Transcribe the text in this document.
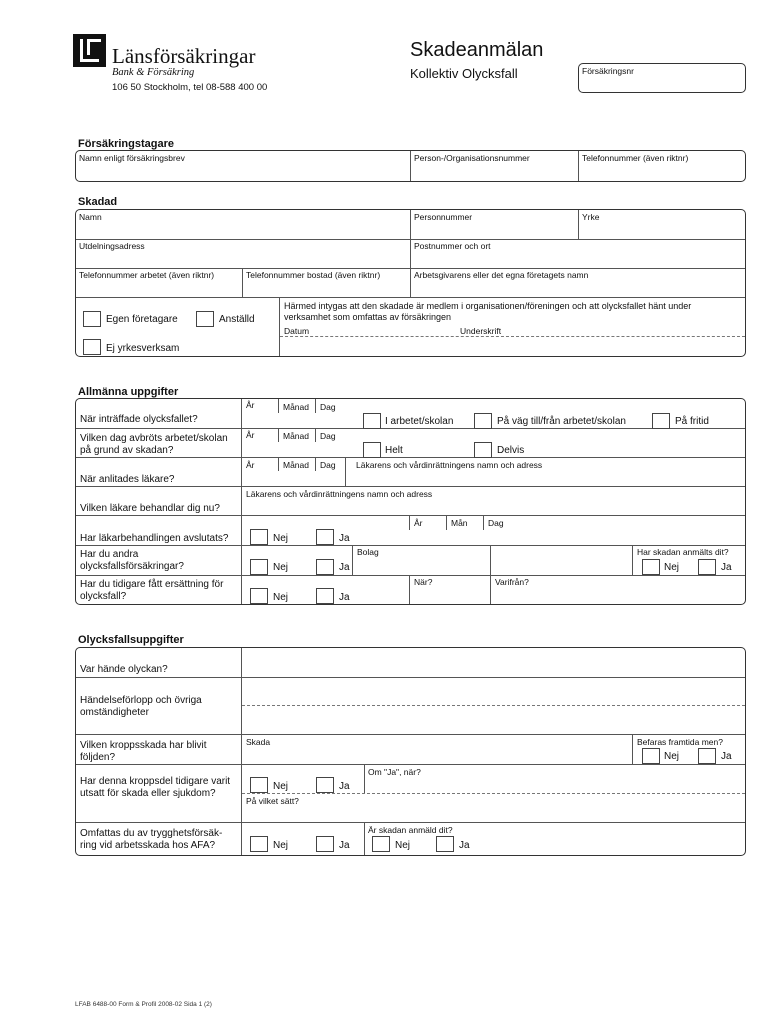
Länsförsäkringar
Bank & Försäkring
106 50 Stockholm, tel 08-588 400 00
Skadeanmälan
Kollektiv Olycksfall	Försäkringsnr
Försäkringstagare
Namn enligt försäkringsbrev	Person-/Organisationsnummer	Telefonnummer (även riktnr)
Skadad
Namn	Personnummer	Yrke
Utdelningsadress	Postnummer och ort
Telefonnummer arbetet (även riktnr)	Telefonnummer bostad (även riktnr)	Arbetsgivarens eller det egna företagets namn
Egen företagare	Anställd
Ej yrkesverksam
Härmed intygas att den skadade är medlem i organisationen/föreningen och att olycksfallet hänt under verksamhet som omfattas av försäkringen
Datum	Underskrift
Allmänna uppgifter
År	Månad Dag
När inträffade olycksfallet?	I arbetet/skolan	På väg till/från arbetet/skolan	På fritid
År	Månad Dag
Vilken dag avbröts arbetet/skolan på grund av skadan?	Helt	Delvis
År	Månad Dag Läkarens och vårdinrättningens namn och adress
När anlitades läkare?
Läkarens och vårdinrättningens namn och adress
Vilken läkare behandlar dig nu?
År	Mån Dag
Har läkarbehandlingen avslutats?	Nej	Ja
Har du andra olycksfallsförsäkringar?	Nej	Ja
Bolag	Har skadan anmälts dit?
Nej	Ja
Har du tidigare fått ersättning för olycksfall?	Nej	Ja
När?	Varifrån?
Olycksfallsuppgifter
Var hände olyckan?
Händelseförlopp och övriga omständigheter
Skada
Vilken kroppsskada har blivit följden?
Befaras framtida men?
Nej	Ja
Har denna kroppsdel tidigare varit utsatt för skada eller sjukdom?
Nej	Ja
Om "Ja", när?
På vilket sätt?
Omfattas du av trygghetsförsäk-ring vid arbetsskada hos AFA?	Nej	Ja
Är skadan anmäld dit?
Nej	Ja
LFAB 6488-00 Form & Profil 2008-02 Sida 1 (2)
